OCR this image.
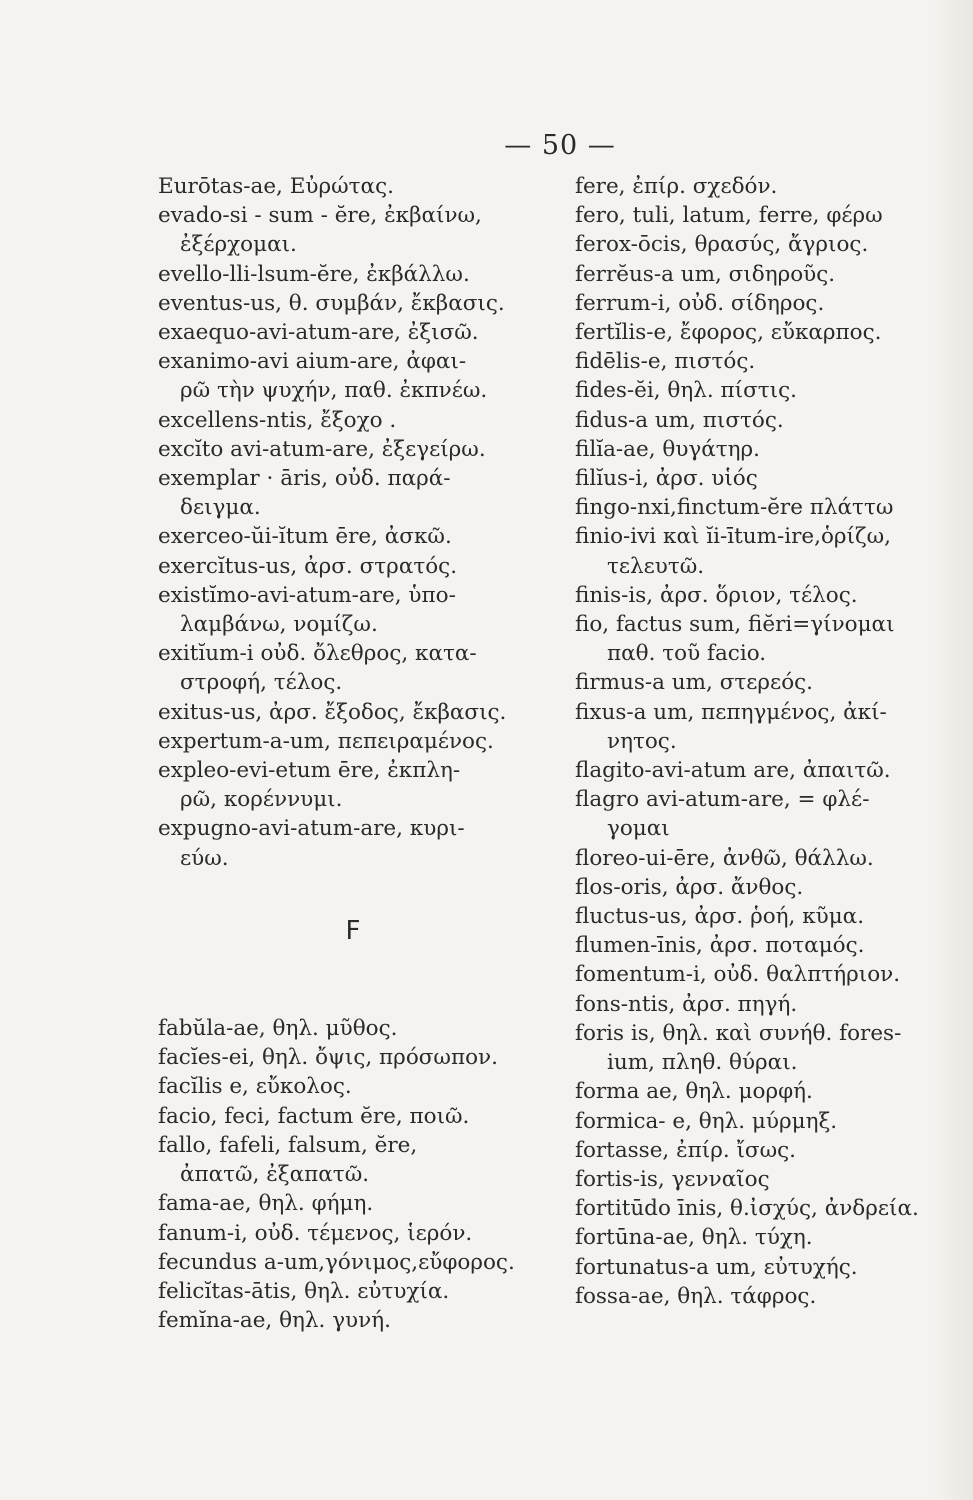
— 50 —
Eurōtas-ae, Εὐρώτας.
evado-si - sum - ĕre, ἐκβαίνω,
ἐξέρχομαι.
evello-lli-lsum-ĕre, ἐκβάλλω.
eventus-us, θ. συμβάν, ἔκβασις.
exaequo-avi-atum-are, ἐξισῶ.
exanimo-avi aium-are, ἀφαι-
ρῶ τὴν ψυχήν, παθ. ἐκπνέω.
excellens-ntis, ἔξοχο .
excĭto avi-atum-are, ἐξεγείρω.
exemplar · āris, οὐδ. παρά-
δειγμα.
exerceo-ŭi-ĭtum ēre, ἀσκῶ.
exercĭtus-us, ἀρσ. στρατός.
existĭmo-avi-atum-are, ὑπο-
λαμβάνω, νομίζω.
exitĭum-i οὐδ. ὄλεθρος, κατα-
στροφή, τέλος.
exitus-us, ἀρσ. ἔξοδος, ἔκβασις.
expertum-a-um, πεπειραμένος.
expleo-evi-etum ēre, ἐκπλη-
ρῶ, κορέννυμι.
expugno-avi-atum-are, κυρι-
εύω.
F
fabŭla-ae, θηλ. μῦθος.
facĭes-ei, θηλ. ὄψις, πρόσωπον.
facĭlis e, εὔκολος.
facio, feci, factum ĕre, ποιῶ.
fallo, fafeli, falsum, ĕre,
ἀπατῶ, ἐξαπατῶ.
fama-ae, θηλ. φήμη.
fanum-i, οὐδ. τέμενος, ἱερόν.
fecundus a-um,γόνιμος,εὔφορος.
felicĭtas-ātis, θηλ. εὐτυχία.
femĭna-ae, θηλ. γυνή.
fere, ἐπίρ. σχεδόν.
fero, tuli, latum, ferre, φέρω
ferox-ōcis, θρασύς, ἄγριος.
ferrĕus-a um, σιδηροῦς.
ferrum-i, οὐδ. σίδηρος.
fertĭlis-e, ἔφορος, εὔκαρπος.
fidēlis-e, πιστός.
fides-ĕi, θηλ. πίστις.
fidus-a um, πιστός.
filĭa-ae, θυγάτηρ.
filĭus-i, ἀρσ. υἱός
fingo-nxi,finctum-ĕre πλάττω
finio-ivi καὶ ĭi-ītum-ire,ὁρίζω,
τελευτῶ.
finis-is, ἀρσ. ὅριον, τέλος.
fio, factus sum, fiĕri=γίνομαι
παθ. τοῦ facio.
firmus-a um, στερεός.
fixus-a um, πεπηγμένος, ἀκί-
νητος.
flagito-avi-atum are, ἀπαιτῶ.
flagro avi-atum-are, = φλέ-
γομαι
floreo-ui-ēre, ἀνθῶ, θάλλω.
flos-oris, ἀρσ. ἄνθος.
fluctus-us, ἀρσ. ῥοή, κῦμα.
flumen-īnis, ἀρσ. ποταμός.
fomentum-i, οὐδ. θαλπτήριον.
fons-ntis, ἀρσ. πηγή.
foris is, θηλ. καὶ συνήθ. fores-
ium, πληθ. θύραι.
forma ae, θηλ. μορφή.
formica- e, θηλ. μύρμηξ.
fortasse, ἐπίρ. ἴσως.
fortis-is, γενναῖος
fortitūdo īnis, θ.ἰσχύς, ἀνδρεία.
fortūna-ae, θηλ. τύχη.
fortunatus-a um, εὐτυχής.
fossa-ae, θηλ. τάφρος.
